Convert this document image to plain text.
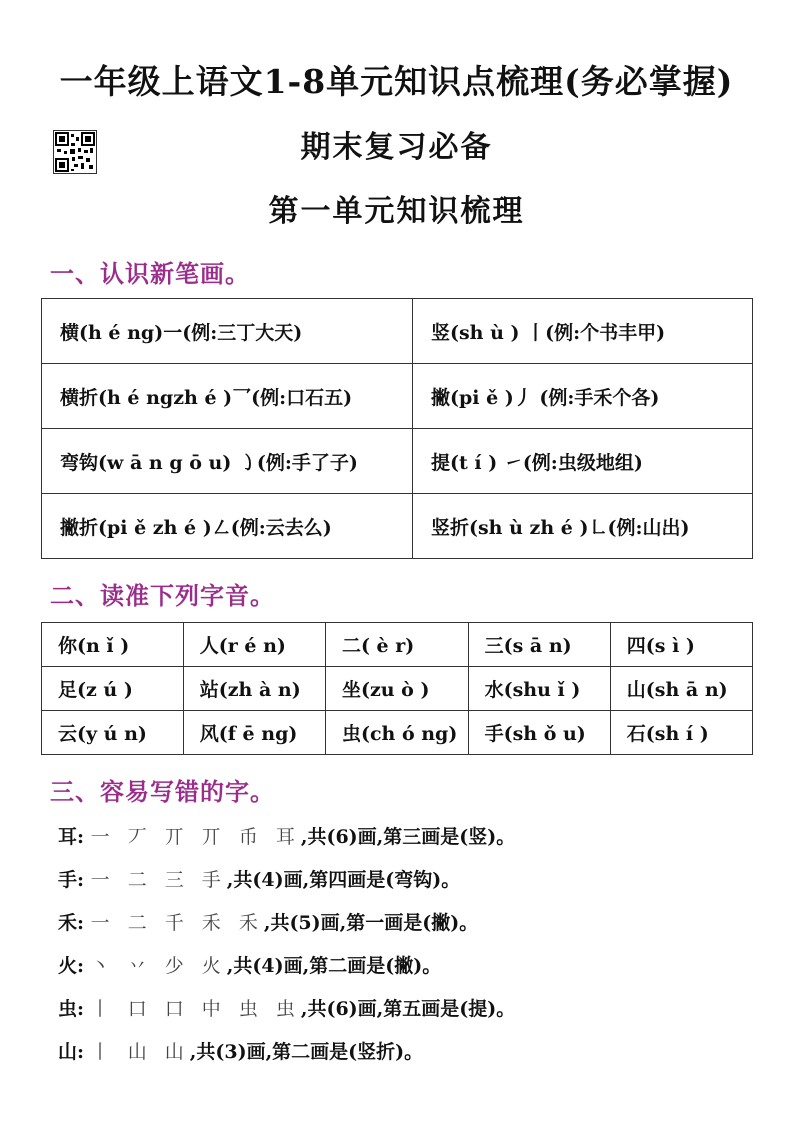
一年级上语文1-8单元知识点梳理(务必掌握)
期末复习必备
第一单元知识梳理
一、认识新笔画。
横(h é ng)一(例:三丁大天)	竖(sh ù ) 丨(例:个书丰甲)
横折(h é ngzh é )乛(例:口石五)	撇(pi ě )丿 (例:手禾个各)
弯钩(w ā n g ō u) ㇁(例:手了子)	提(t í ) ㇀(例:虫级地组)
撇折(pi ě zh é )㇜(例:云去么)	竖折(sh ù zh é )㇗(例:山出)
二、读准下列字音。
你(n ǐ )	人(r é n)	二( è r)	三(s ā n)	四(s ì )
足(z ú )	站(zh à n)	坐(zu ò )	水(shu ǐ )	山(sh ā n)
云(y ú n)	风(f ē ng)	虫(ch ó ng)	手(sh ǒ u)	石(sh í )
三、容易写错的字。
耳: 一 丆 丌 丌 币 耳,共(6)画,第三画是(竖)。
手: 一 二 三 手,共(4)画,第四画是(弯钩)。
禾: 一 二 千 禾 禾,共(5)画,第一画是(撇)。
火: 丶 丷 少 火,共(4)画,第二画是(撇)。
虫: 丨 口 口 中 虫 虫,共(6)画,第五画是(提)。
山: 丨 山 山,共(3)画,第二画是(竖折)。
